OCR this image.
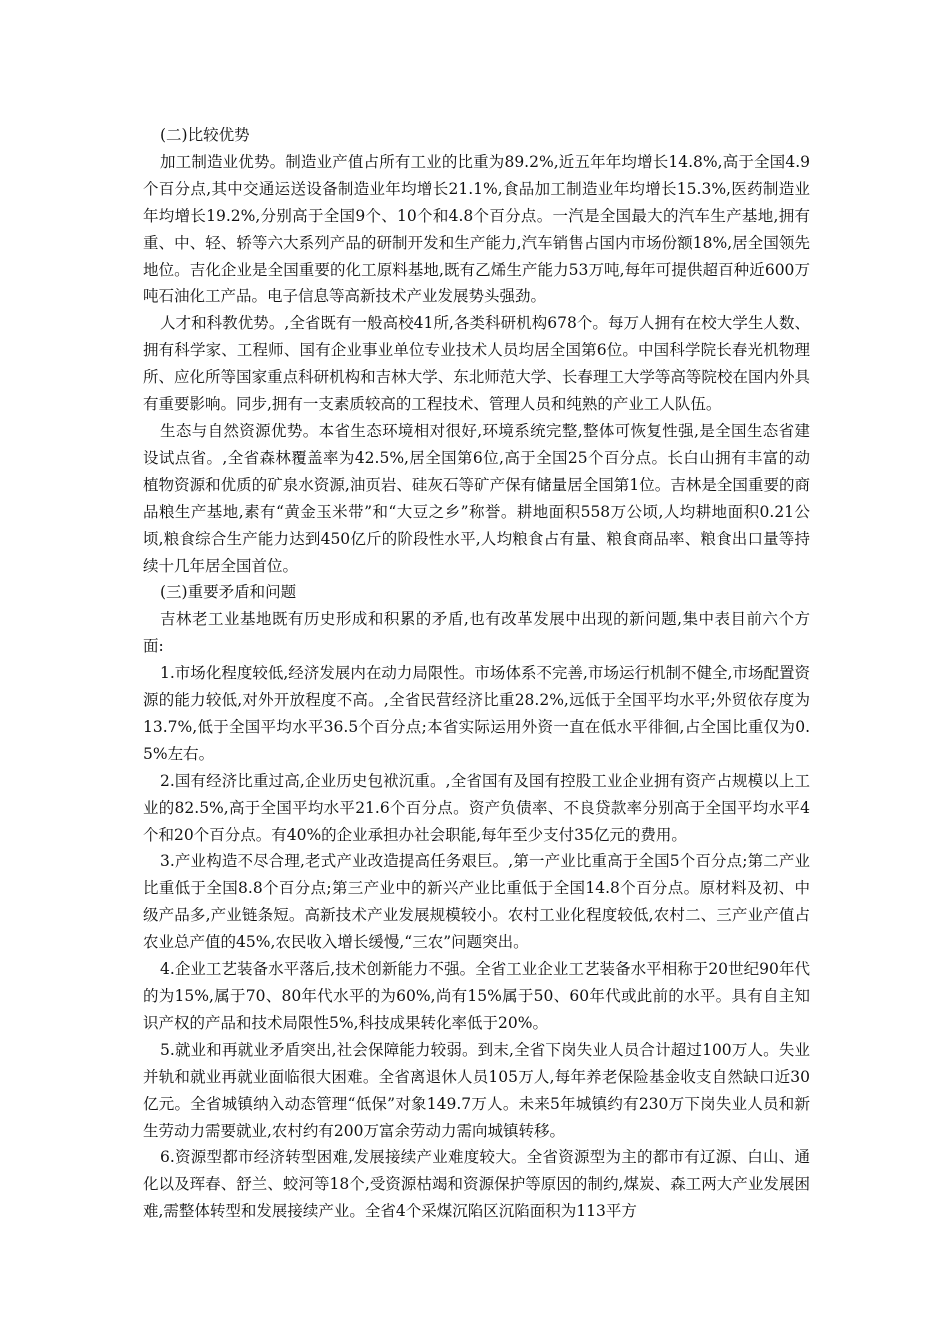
(二)比较优势

加工制造业优势。制造业产值占所有工业的比重为89.2%,近五年年均增长14.8%,高于全国4.9个百分点,其中交通运送设备制造业年均增长21.1%,食品加工制造业年均增长15.3%,医药制造业年均增长19.2%,分别高于全国9个、10个和4.8个百分点。一汽是全国最大的汽车生产基地,拥有重、中、轻、轿等六大系列产品的研制开发和生产能力,汽车销售占国内市场份额18%,居全国领先地位。吉化企业是全国重要的化工原料基地,既有乙烯生产能力53万吨,每年可提供超百种近600万吨石油化工产品。电子信息等高新技术产业发展势头强劲。

人才和科教优势。,全省既有一般高校41所,各类科研机构678个。每万人拥有在校大学生人数、拥有科学家、工程师、国有企业事业单位专业技术人员均居全国第6位。中国科学院长春光机物理所、应化所等国家重点科研机构和吉林大学、东北师范大学、长春理工大学等高等院校在国内外具有重要影响。同步,拥有一支素质较高的工程技术、管理人员和纯熟的产业工人队伍。

生态与自然资源优势。本省生态环境相对很好,环境系统完整,整体可恢复性强,是全国生态省建设试点省。,全省森林覆盖率为42.5%,居全国第6位,高于全国25个百分点。长白山拥有丰富的动植物资源和优质的矿泉水资源,油页岩、硅灰石等矿产保有储量居全国第1位。吉林是全国重要的商品粮生产基地,素有“黄金玉米带”和“大豆之乡”称誉。耕地面积558万公顷,人均耕地面积0.21公顷,粮食综合生产能力达到450亿斤的阶段性水平,人均粮食占有量、粮食商品率、粮食出口量等持续十几年居全国首位。

(三)重要矛盾和问题

吉林老工业基地既有历史形成和积累的矛盾,也有改革发展中出现的新问题,集中表目前六个方面:

1.市场化程度较低,经济发展内在动力局限性。市场体系不完善,市场运行机制不健全,市场配置资源的能力较低,对外开放程度不高。,全省民营经济比重28.2%,远低于全国平均水平;外贸依存度为13.7%,低于全国平均水平36.5个百分点;本省实际运用外资一直在低水平徘徊,占全国比重仅为0.5%左右。

2.国有经济比重过高,企业历史包袱沉重。,全省国有及国有控股工业企业拥有资产占规模以上工业的82.5%,高于全国平均水平21.6个百分点。资产负债率、不良贷款率分别高于全国平均水平4个和20个百分点。有40%的企业承担办社会职能,每年至少支付35亿元的费用。

3.产业构造不尽合理,老式产业改造提高任务艰巨。,第一产业比重高于全国5个百分点;第二产业比重低于全国8.8个百分点;第三产业中的新兴产业比重低于全国14.8个百分点。原材料及初、中级产品多,产业链条短。高新技术产业发展规模较小。农村工业化程度较低,农村二、三产业产值占农业总产值的45%,农民收入增长缓慢,“三农”问题突出。

4.企业工艺装备水平落后,技术创新能力不强。全省工业企业工艺装备水平相称于20世纪90年代的为15%,属于70、80年代水平的为60%,尚有15%属于50、60年代或此前的水平。具有自主知识产权的产品和技术局限性5%,科技成果转化率低于20%。

5.就业和再就业矛盾突出,社会保障能力较弱。到末,全省下岗失业人员合计超过100万人。失业并轨和就业再就业面临很大困难。全省离退休人员105万人,每年养老保险基金收支自然缺口近30亿元。全省城镇纳入动态管理“低保”对象149.7万人。未来5年城镇约有230万下岗失业人员和新生劳动力需要就业,农村约有200万富余劳动力需向城镇转移。

6.资源型都市经济转型困难,发展接续产业难度较大。全省资源型为主的都市有辽源、白山、通化以及珲春、舒兰、蛟河等18个,受资源枯竭和资源保护等原因的制约,煤炭、森工两大产业发展困难,需整体转型和发展接续产业。全省4个采煤沉陷区沉陷面积为113平方
